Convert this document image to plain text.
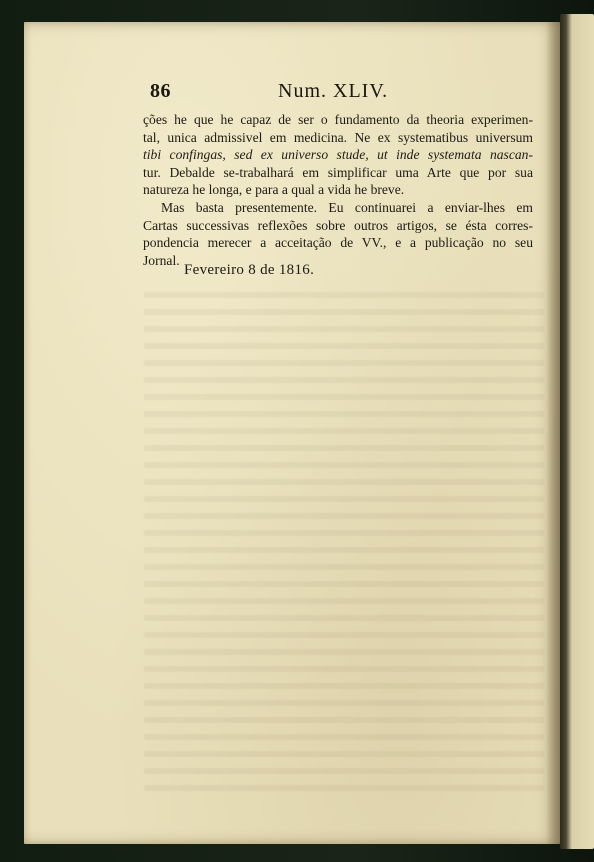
86	Num. XLIV.
ções he que he capaz de ser o fundamento da theoria experimen-
tal, unica admissivel em medicina. Ne ex systematibus universum
tibi confingas, sed ex universo stude, ut inde systemata nascan-
tur. Debalde se-trabalhará em simplificar uma Arte que por sua
natureza he longa, e para a qual a vida he breve.
Mas basta presentemente. Eu continuarei a enviar-lhes em
Cartas successivas reflexões sobre outros artigos, se ésta corres-
pondencia merecer a acceitação de VV., e a publicação no seu
Jornal.
Fevereiro 8 de 1816.
